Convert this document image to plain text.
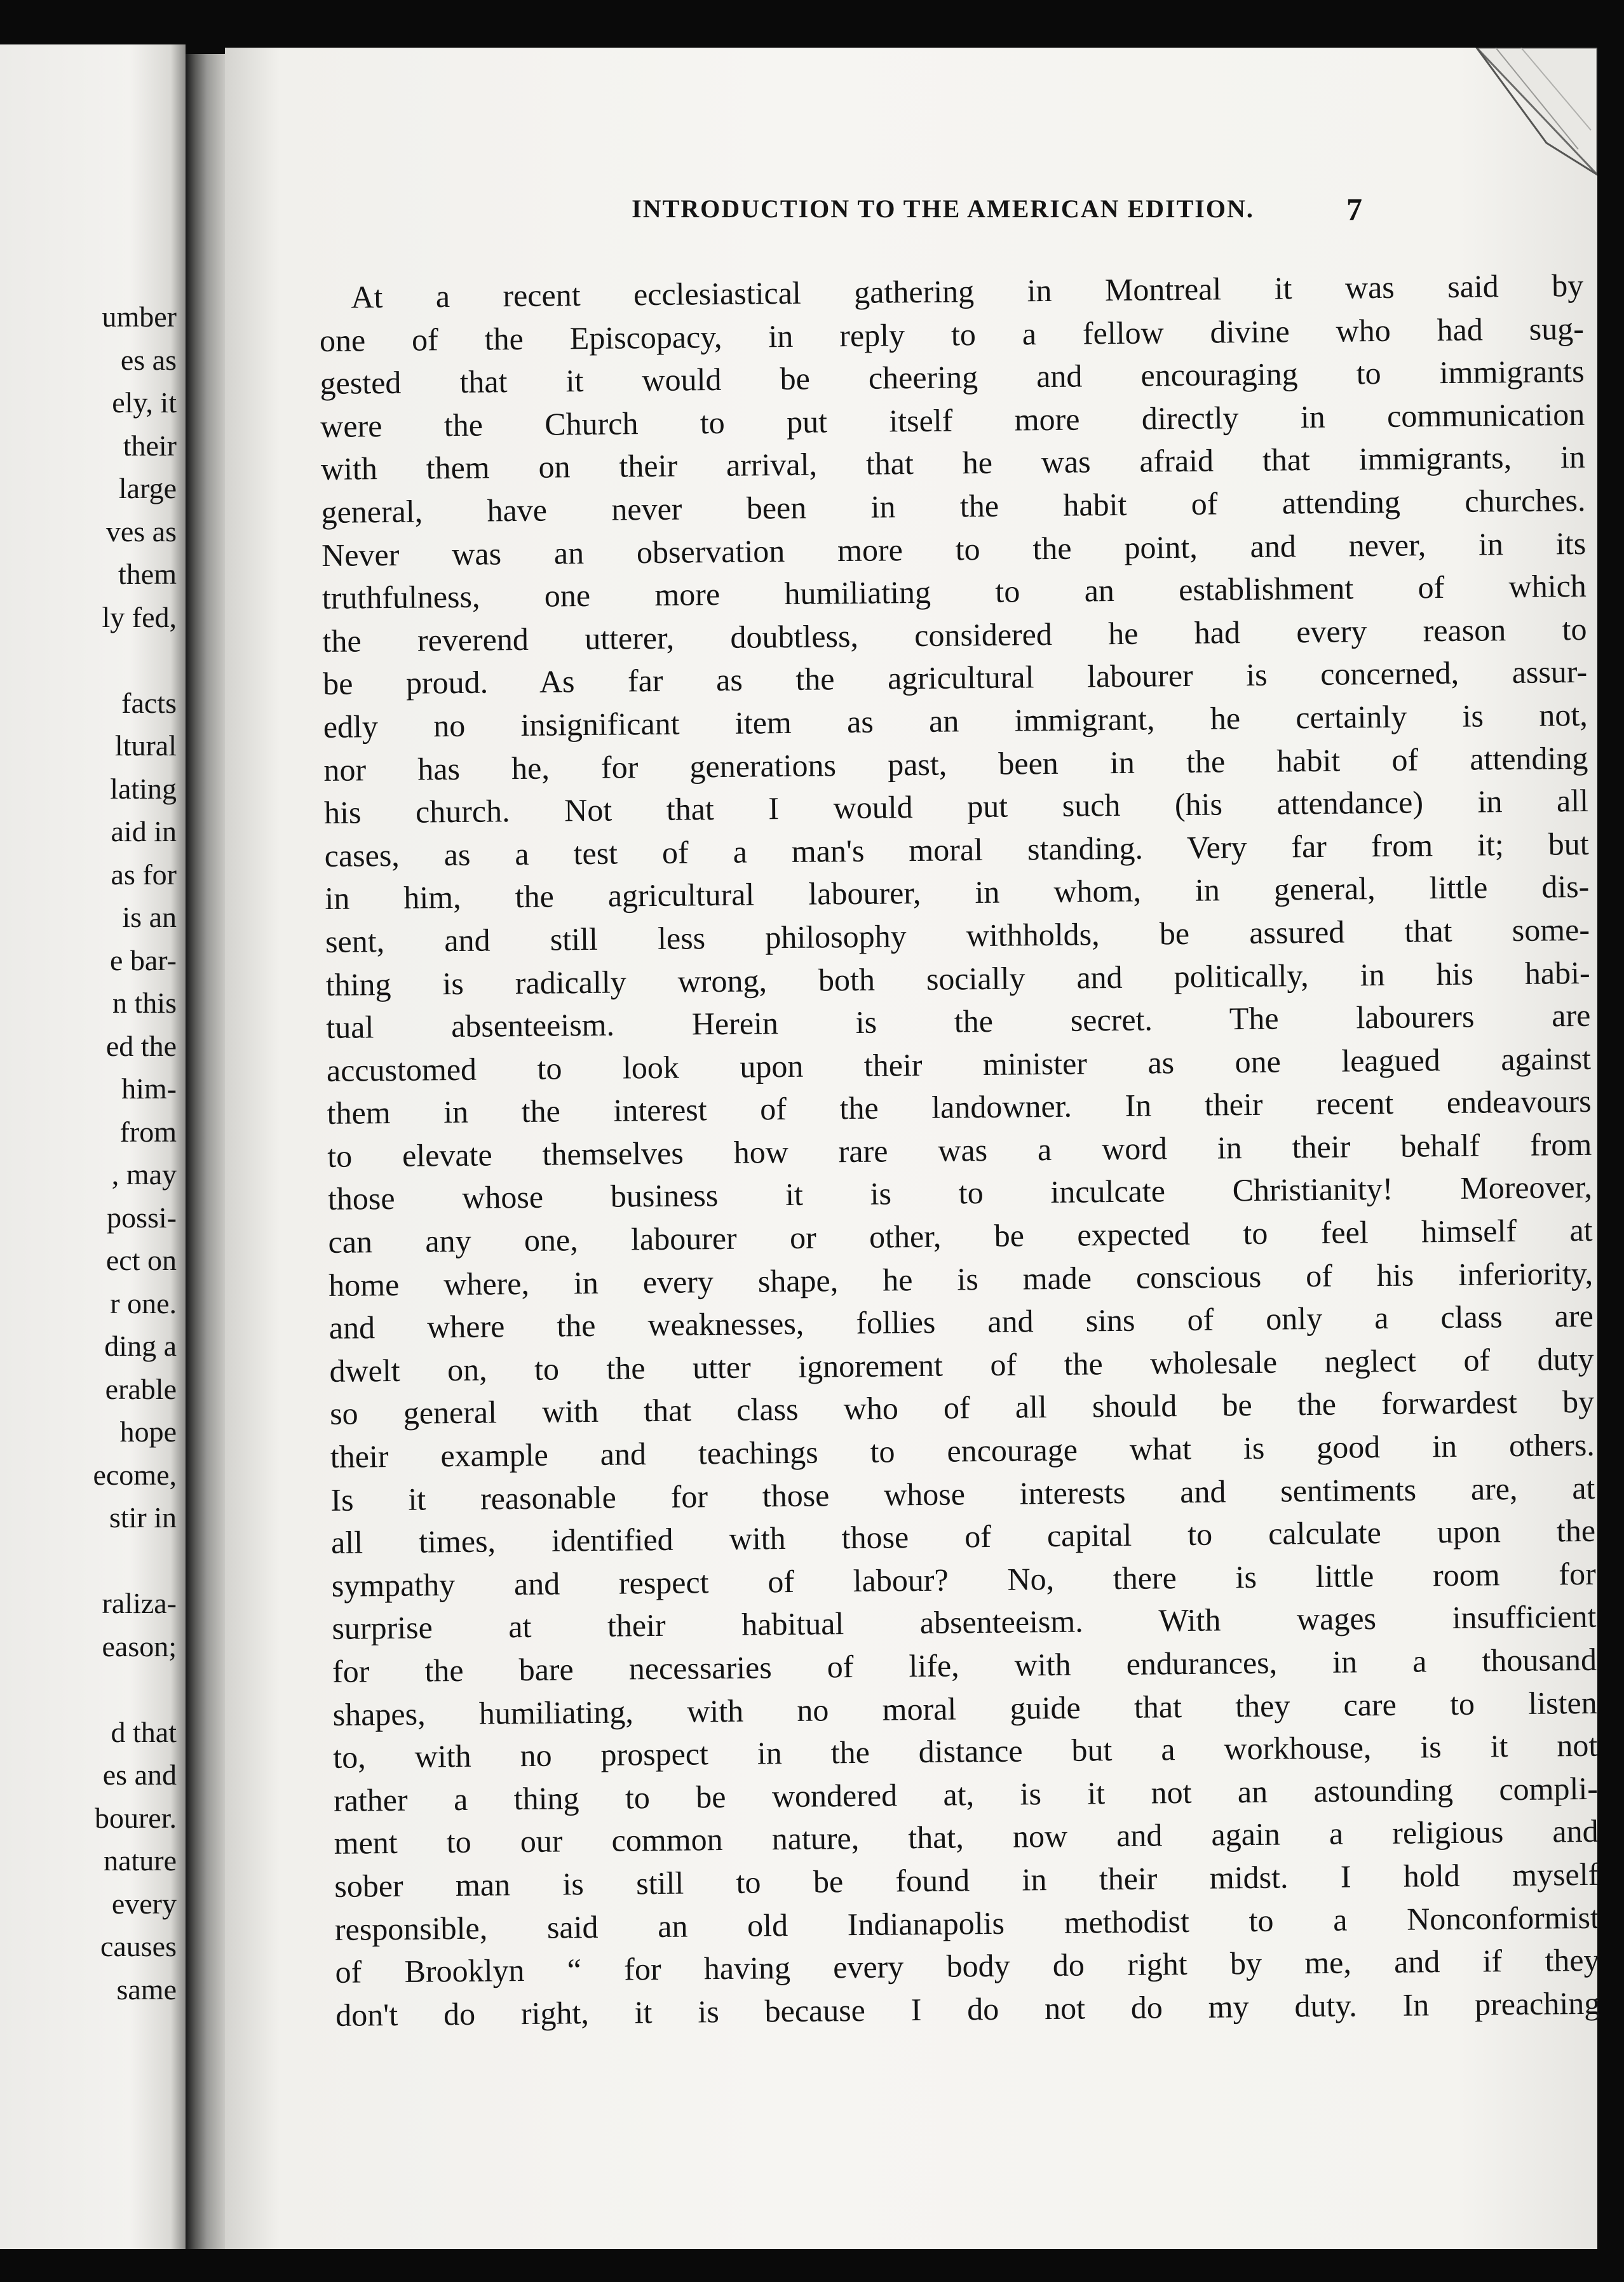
umber
es as
ely, it
their
large
ves as
them
ly fed,
facts
ltural
lating
aid in
as for
is an
e bar-
n this
ed the
him-
from
, may
possi-
ect on
r one.
ding a
erable
hope
ecome,
stir in
raliza-
eason;
d that
es and
bourer.
nature
every
causes
same
INTRODUCTION TO THE AMERICAN EDITION.	7

At a recent ecclesiastical gathering in Montreal it was said by
one of the Episcopacy, in reply to a fellow divine who had sug-
gested that it would be cheering and encouraging to immigrants
were the Church to put itself more directly in communication
with them on their arrival, that he was afraid that immigrants, in
general, have never been in the habit of attending churches.
Never was an observation more to the point, and never, in its
truthfulness, one more humiliating to an establishment of which
the reverend utterer, doubtless, considered he had every reason to
be proud. As far as the agricultural labourer is concerned, assur-
edly no insignificant item as an immigrant, he certainly is not,
nor has he, for generations past, been in the habit of attending
his church. Not that I would put such (his attendance) in all
cases, as a test of a man's moral standing. Very far from it; but
in him, the agricultural labourer, in whom, in general, little dis-
sent, and still less philosophy withholds, be assured that some-
thing is radically wrong, both socially and politically, in his habi-
tual absenteeism. Herein is the secret. The labourers are
accustomed to look upon their minister as one leagued against
them in the interest of the landowner. In their recent endeavours
to elevate themselves how rare was a word in their behalf from
those whose business it is to inculcate Christianity! Moreover,
can any one, labourer or other, be expected to feel himself at
home where, in every shape, he is made conscious of his inferiority,
and where the weaknesses, follies and sins of only a class are
dwelt on, to the utter ignorement of the wholesale neglect of duty
so general with that class who of all should be the forwardest by
their example and teachings to encourage what is good in others.
Is it reasonable for those whose interests and sentiments are, at
all times, identified with those of capital to calculate upon the
sympathy and respect of labour? No, there is little room for
surprise at their habitual absenteeism. With wages insufficient
for the bare necessaries of life, with endurances, in a thousand
shapes, humiliating, with no moral guide that they care to listen
to, with no prospect in the distance but a workhouse, is it not
rather a thing to be wondered at, is it not an astounding compli-
ment to our common nature, that, now and again a religious and
sober man is still to be found in their midst. I hold myself
responsible, said an old Indianapolis methodist to a Nonconformist
of Brooklyn “ for having every body do right by me, and if they
don't do right, it is because I do not do my duty. In preaching
